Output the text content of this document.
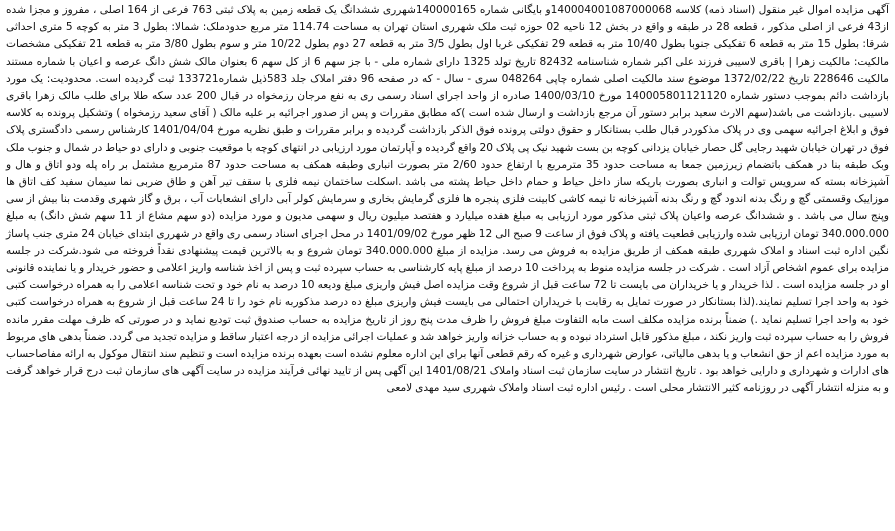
آگهی مزایده اموال غیر منقول (اسناد ذمه) کلاسه 140004001087000068و بایگانی شماره 140000165شهرری ششدانگ یک قطعه زمین به پلاک ثبتی 763 فرعی از 164 اصلی ، مفروز و مجزا شده از43 فرعی از اصلی مذکور ، قطعه 28 در طبقه و واقع در بخش 12 ناحیه 02 حوزه ثبت ملک شهرری استان تهران به مساحت 114.74 متر مربع حدودملک: شمالا: بطول 3 متر به کوچه 5 متری احداثی شرقا: بطول 15 متر به قطعه 6 تفکیکی جنوبا بطول 10/40 متر به قطعه 29 تفکیکی غربا اول بطول 3/5 متر به قطعه 27 دوم بطول 10/22 متر و سوم بطول 3/80 متر به قطعه 21 تفکیکی مشخصات مالکیت: مالکیت زهرا | باقری لاسیبی فرزند علی اکبر شماره شناسنامه 82432 تاریخ تولد 1325 دارای شماره ملی - با جز سهم 6 از کل سهم 6 بعنوان مالک شش دانگ عرصه و اعیان با شماره مستند مالکیت 228646 تاریخ 1372/02/22 موضوع سند مالکیت اصلی شماره چاپی 048264 سری - سال - که در صفحه 96 دفتر املاک جلد 583ذیل شماره133721 ثبت گردیده است. محدودیت: یک مورد بازداشت دائم بموجب دستور شماره 140005801121120 مورخ 1400/03/10 صادره از واحد اجرای اسناد رسمی ری به نفع مرجان رزمخواه در قبال 200 عدد سکه طلا برای طلب مالک زهرا باقری لاسیبی .بازداشت می باشد(سهم الارث سعید برابر دستور آن مرجع بازداشت و ارسال شده است )که مطابق مقررات و پس از صدور اجرائیه بر علیه مالک ( آقای سعید رزمخواه ) وتشکیل پرونده به کلاسه فوق و ابلاغ اجرائیه سهمی وی در پلاک مذکوردر قبال طلب بستانکار و حقوق دولتی پرونده فوق الذکر بازداشت گردیده و برابر مقررات و طبق نظریه مورخ 1401/04/04 کارشناس رسمی دادگستری پلاک فوق در تهران خیابان شهید رجایی گل حصار خیابان یزدانی کوچه بن بست شهید نیک پی پلاک 20 واقع گردیده و آپارتمان مورد ارزیابی در انتهای کوچه با موقعیت جنوبی و دارای دو حیاط در شمال و جنوب ملک وبک طبقه بنا در همکف باتضمام زیرزمین جمعا به مساحت حدود 35 مترمربع با ارتفاع حدود 2/60 متر بصورت انباری وطبقه همکف به مساحت حدود 87 مترمربع مشتمل بر راه پله ودو اتاق و هال و آشپزخانه بسته که سرویس توالت و انباری بصورت باریکه ساز داخل حیاط و حمام داخل حیاط پشته می باشد .اسکلت ساختمان نیمه فلزی با سقف تیر آهن و طاق ضربی نما سیمان سفید کف اتاق ها موزاییک وقسمتی گچ و رنگ بدنه اندود گچ و رنگ بدنه آشپزخانه تا نیمه کاشی کابینت فلزی پنجره ها فلزی گرمایش بخاری و سرمایش کولر آبی دارای انشعابات آب ، برق و گاز شهری وقدمت بنا بیش از سی وپنج سال می باشد . و ششدانگ عرصه واعیان پلاک ثبتی مذکور مورد ارزیابی به مبلغ هفده میلیارد و هفتصد میلیون ریال و سهمی مدیون و مورد مزایده (دو سهم مشاع از 11 سهم شش دانگ) به مبلغ 340.000.000 تومان ارزیابی شده وارزیابی قطعیت یافته و پلاک فوق از ساعت 9 صبح الی 12 ظهر مورخ 1401/09/02 در محل اجرای اسناد رسمی ری واقع در شهرری ابتدای خیابان 24 متری جنب پاساژ نگین اداره ثبت اسناد و املاک شهرری طبقه همکف از طریق مزایده به فروش می رسد. مزایده از مبلغ 340.000.000 تومان شروع و به بالاترین قیمت پیشنهادی نقداً فروخته می شود.شرکت در جلسه مزایده برای عموم اشخاص آزاد است . شرکت در جلسه مزایده منوط به پرداخت 10 درصد از مبلغ پایه کارشناسی به حساب سپرده ثبت و پس از اخذ شناسه واریز اعلامی و حضور خریدار و یا نماینده قانونی او در جلسه مزایده است . لذا خریدار و یا خریداران می بایست تا 72 ساعت قبل از شروع وقت مزایده اصل فیش واریزی مبلغ ودیعه 10 درصد به نام خود و تحت شناسه اعلامی را به همراه درخواست کتبی خود به واحد اجرا تسلیم نمایند.(لذا بستانکار در صورت تمایل به رقابت با خریداران احتمالی می بایست فیش واریزی مبلغ ده درصد مذکوربه نام خود را تا 24 ساعت قبل از شروع به همراه درخواست کتبی خود به واحد اجرا تسلیم نماید .) ضمناً برنده مزایده مکلف است مابه التفاوت مبلغ فروش را ظرف مدت پنج روز از تاریخ مزایده به حساب صندوق ثبت تودیع نماید و در صورتی که ظرف مهلت مقرر مانده فروش را به حساب سپرده ثبت واریز نکند ، مبلغ مذکور قابل استرداد نبوده و به حساب خزانه واریز خواهد شد و عملیات اجرائی مزایده از درجه اعتبار ساقط و مزایده تجدید می گردد. ضمناً بدهی های مربوط به مورد مزایده اعم از حق انشعاب و یا بدهی مالیاتی، عوارض شهرداری و غیره که رقم قطعی آنها برای این اداره معلوم نشده است بعهده برنده مزایده است و تنظیم سند انتقال موکول به ارائه مفاصاحساب های ادارات و شهرداری و دارایی خواهد بود . تاریخ انتشار در سایت سازمان ثبت اسناد واملاک 1401/08/21 این آگهی پس از تایید نهائی فرآیند مزایده در سایت آگهی های سازمان ثبت درج قرار خواهد گرفت و به منزله انتشار آگهی در روزنامه کثیر الانتشار محلی است . رئیس اداره ثبت اسناد واملاک شهرری سید مهدی لامعی
